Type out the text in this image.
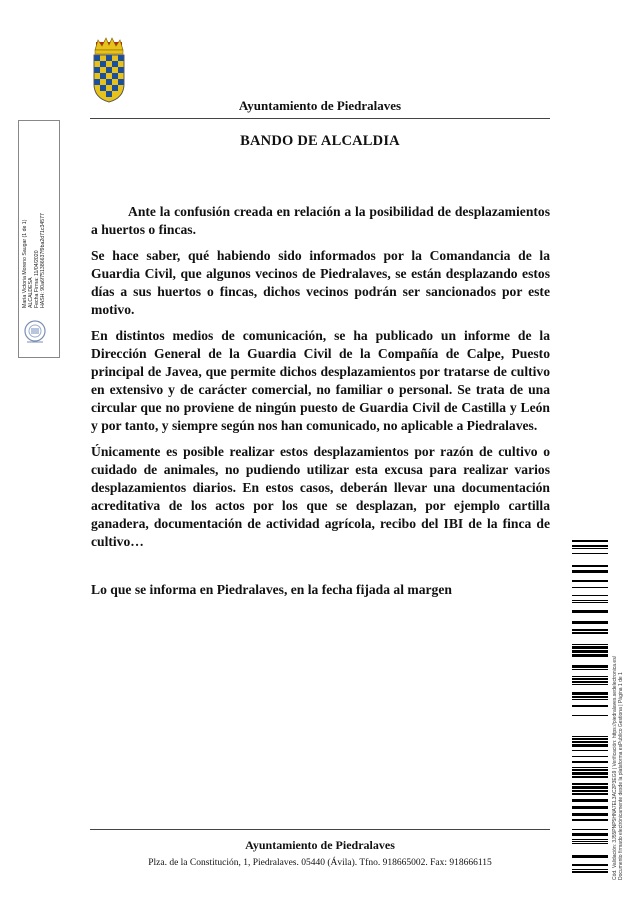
Ayuntamiento de Piedralaves
BANDO DE ALCALDIA

Ante la confusión creada en relación a la posibilidad de desplazamientos a huertos o fincas.

Se hace saber, qué habiendo sido informados por la Comandancia de la Guardia Civil, que algunos vecinos de Piedralaves, se están desplazando estos días a sus huertos o fincas, dichos vecinos podrán ser sancionados por este motivo.

En distintos medios de comunicación, se ha publicado un informe de la Dirección General de la Guardia Civil de la Compañía de Calpe, Puesto principal de Javea, que permite dichos desplazamientos por tratarse de cultivo en extensivo y de carácter comercial, no familiar o personal. Se trata de una circular que no proviene de ningún puesto de Guardia Civil de Castilla y León y por tanto, y siempre según nos han comunicado, no aplicable a Piedralaves.

Únicamente es posible realizar estos desplazamientos por razón de cultivo o cuidado de animales, no pudiendo utilizar esta excusa para realizar varios desplazamientos diarios. En estos casos, deberán llevar una documentación acreditativa de los actos por los que se desplazan, por ejemplo cartilla ganadera, documentación de actividad agrícola, recibo del IBI de la finca de cultivo…

Lo que se informa en Piedralaves, en la fecha fijada al margen
Ayuntamiento de Piedralaves
Plza. de la Constitución, 1, Piedralaves. 05440 (Ávila). Tfno. 918665002. Fax: 918666115
María Victoria Moreno Saugar (1 de 1) ALCALDESA Fecha Firma: 11/04/2020 HASH: 90a6f751386637f9ba2d71c34577
Cód. Validación: 3J55PNP5HNA7EL3AC2P3EG9 | Verificación: https://piedralaves.sedelectronica.es/ Documento firmado electrónicamente desde la plataforma esPublico Gestiona | Página 1 de 1
